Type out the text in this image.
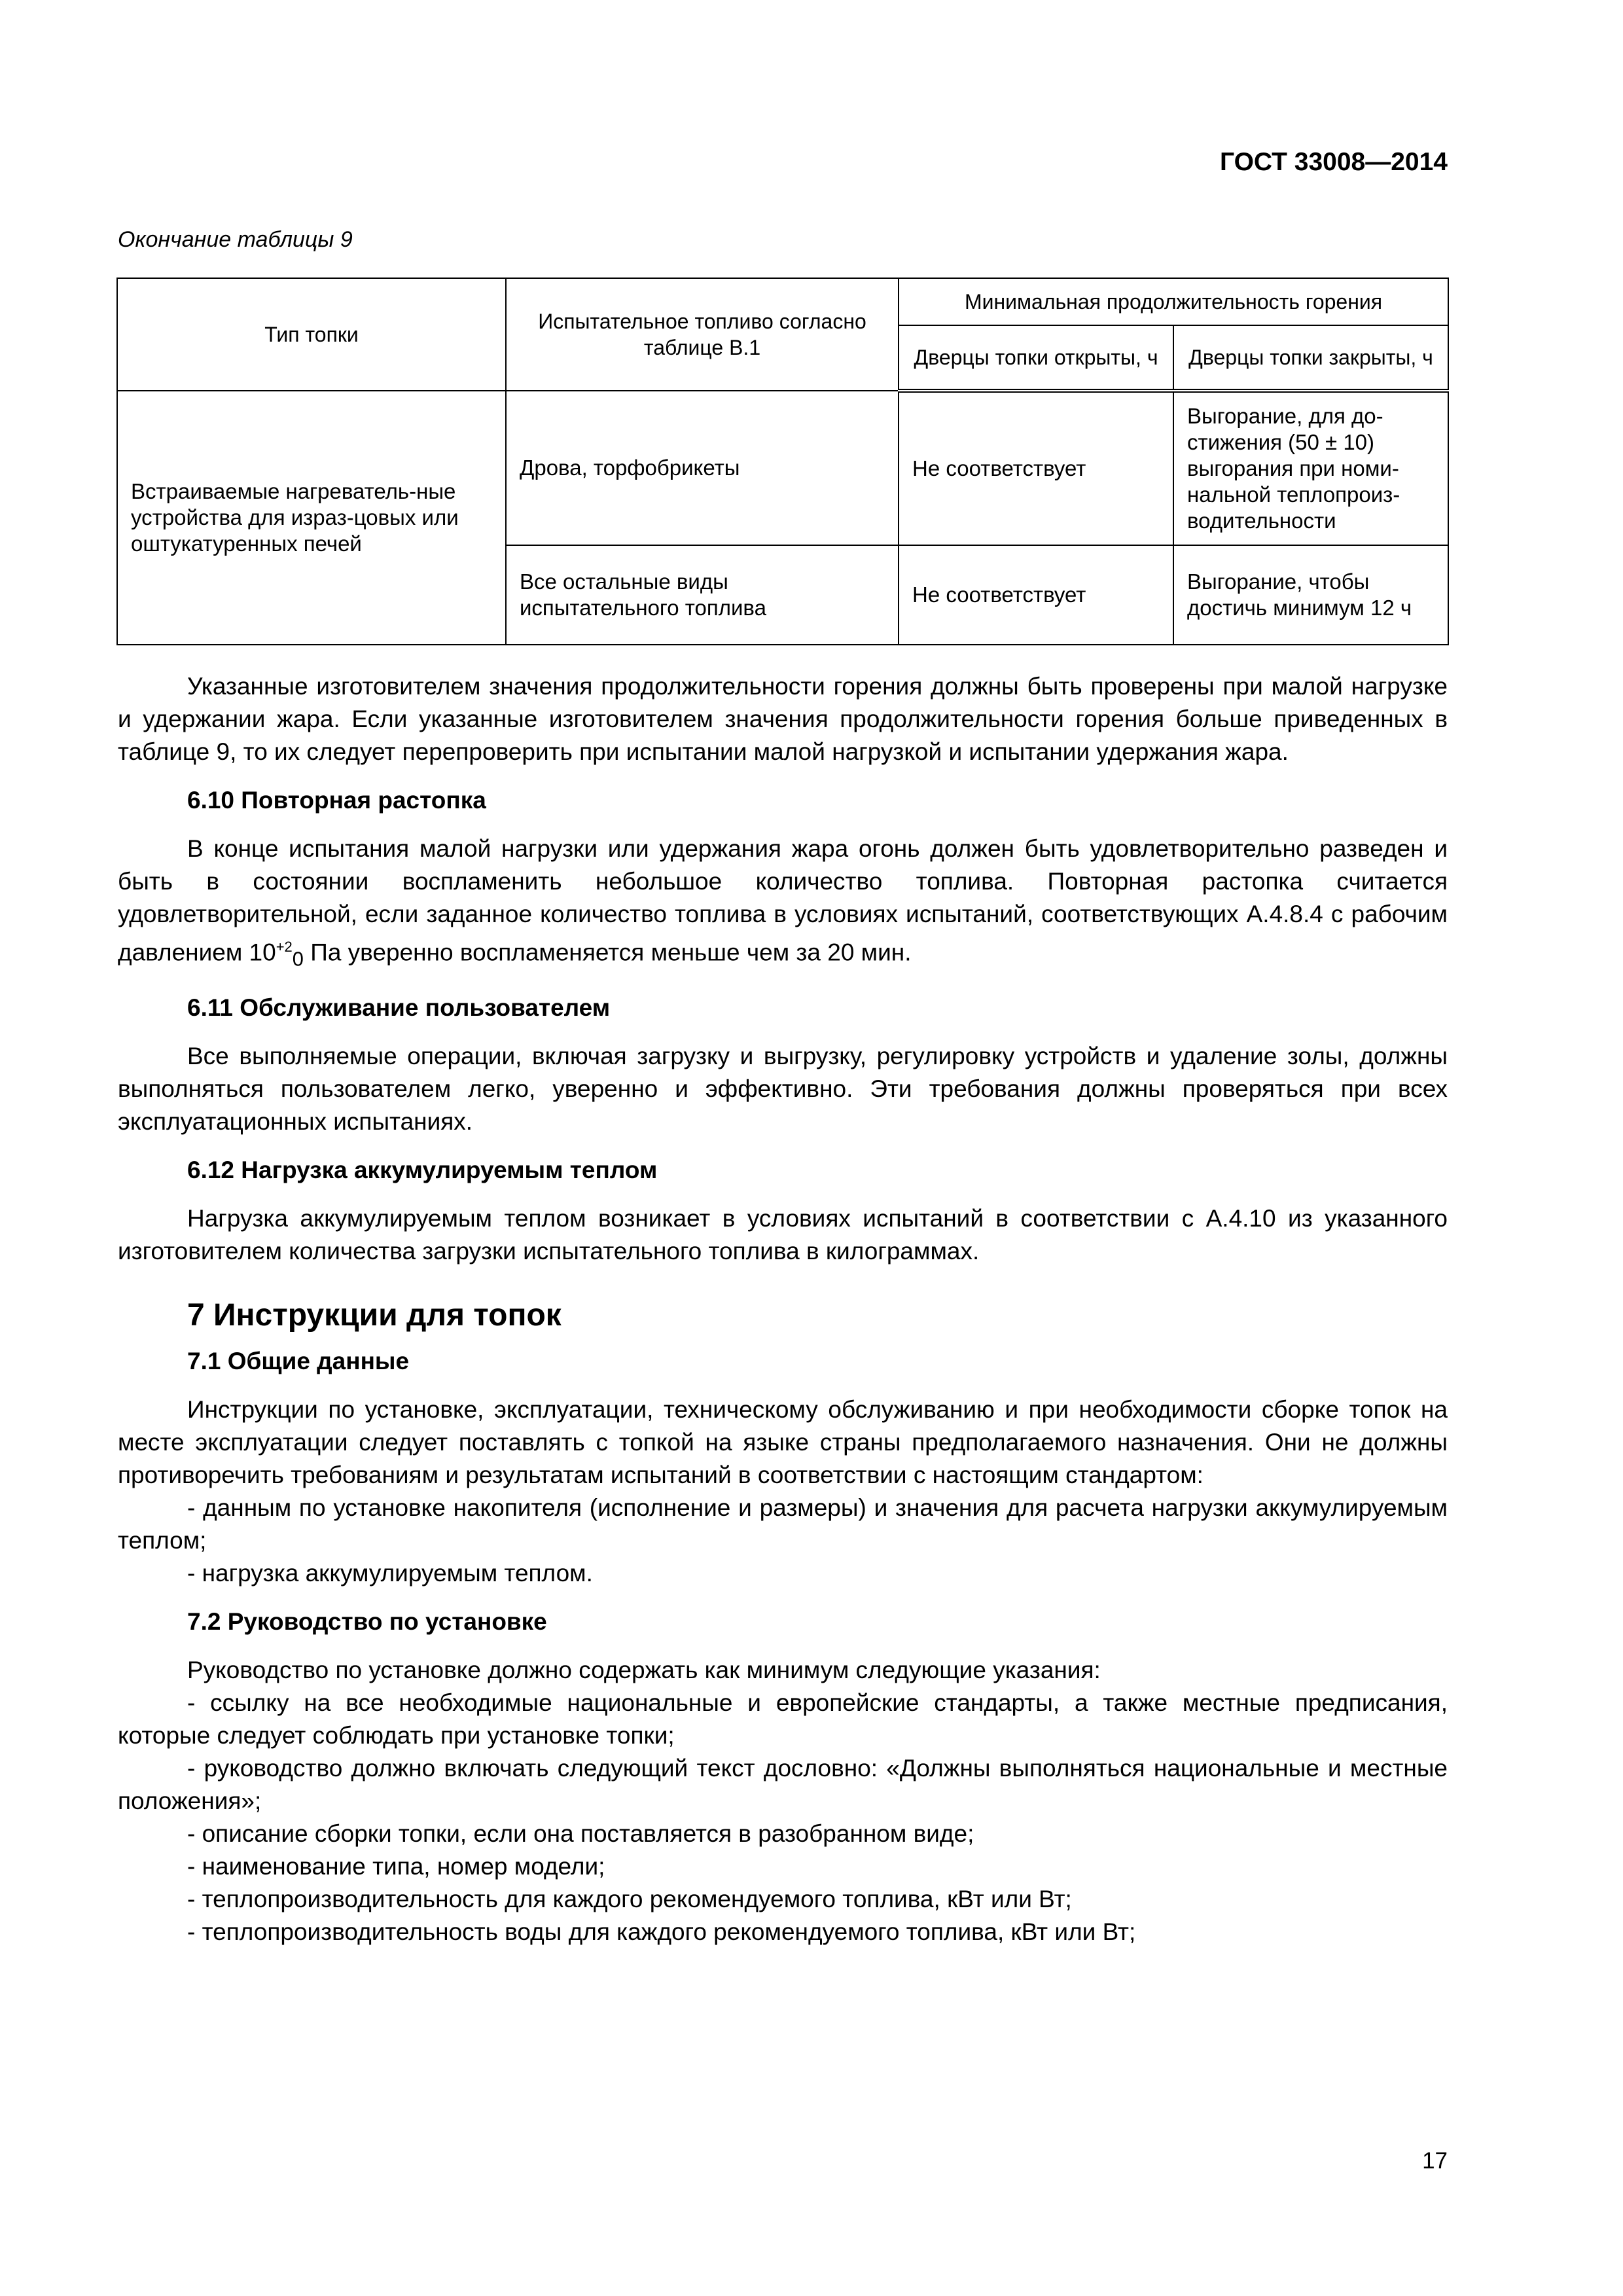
ГОСТ 33008—2014
Окончание таблицы 9
Тип топки	Испытательное топливо согласно таблице В.1	Минимальная продолжительность горения	
		Дверцы топки открыты, ч	Дверцы топки закрыты, ч
Встраиваемые нагреватель-ные устройства для израз-цовых или оштукатуренных печей	Дрова, торфобрикеты	Не соответствует	Выгорание, для до-стижения (50 ± 10) выгорания при номи-нальной теплопроиз-водительности
	Все остальные виды испытательного топлива	Не соответствует	Выгорание, чтобы достичь минимум 12 ч

Указанные изготовителем значения продолжительности горения должны быть проверены при малой нагрузке и удержании жара. Если указанные изготовителем значения продолжительности горения больше приведенных в таблице 9, то их следует перепроверить при испытании малой нагрузкой и испытании удержания жара.

6.10 Повторная растопка

В конце испытания малой нагрузки или удержания жара огонь должен быть удовлетворительно разведен и быть в состоянии воспламенить небольшое количество топлива. Повторная растопка считается удовлетворительной, если заданное количество топлива в условиях испытаний, соответствующих А.4.8.4 с рабочим давлением $10^{+2}_0$ Па уверенно воспламеняется меньше чем за 20 мин.

6.11 Обслуживание пользователем

Все выполняемые операции, включая загрузку и выгрузку, регулировку устройств и удаление золы, должны выполняться пользователем легко, уверенно и эффективно. Эти требования должны проверяться при всех эксплуатационных испытаниях.

6.12 Нагрузка аккумулируемым теплом

Нагрузка аккумулируемым теплом возникает в условиях испытаний в соответствии с А.4.10 из указанного изготовителем количества загрузки испытательного топлива в килограммах.

7 Инструкции для топок

7.1 Общие данные

Инструкции по установке, эксплуатации, техническому обслуживанию и при необходимости сборке топок на месте эксплуатации следует поставлять с топкой на языке страны предполагаемого назначения. Они не должны противоречить требованиям и результатам испытаний в соответствии с настоящим стандартом:

- данным по установке накопителя (исполнение и размеры) и значения для расчета нагрузки аккумулируемым теплом;

- нагрузка аккумулируемым теплом.

7.2 Руководство по установке

Руководство по установке должно содержать как минимум следующие указания:

- ссылку на все необходимые национальные и европейские стандарты, а также местные предписания, которые следует соблюдать при установке топки;

- руководство должно включать следующий текст дословно: «Должны выполняться национальные и местные положения»;

- описание сборки топки, если она поставляется в разобранном виде;

- наименование типа, номер модели;

- теплопроизводительность для каждого рекомендуемого топлива, кВт или Вт;

- теплопроизводительность воды для каждого рекомендуемого топлива, кВт или Вт;

17
